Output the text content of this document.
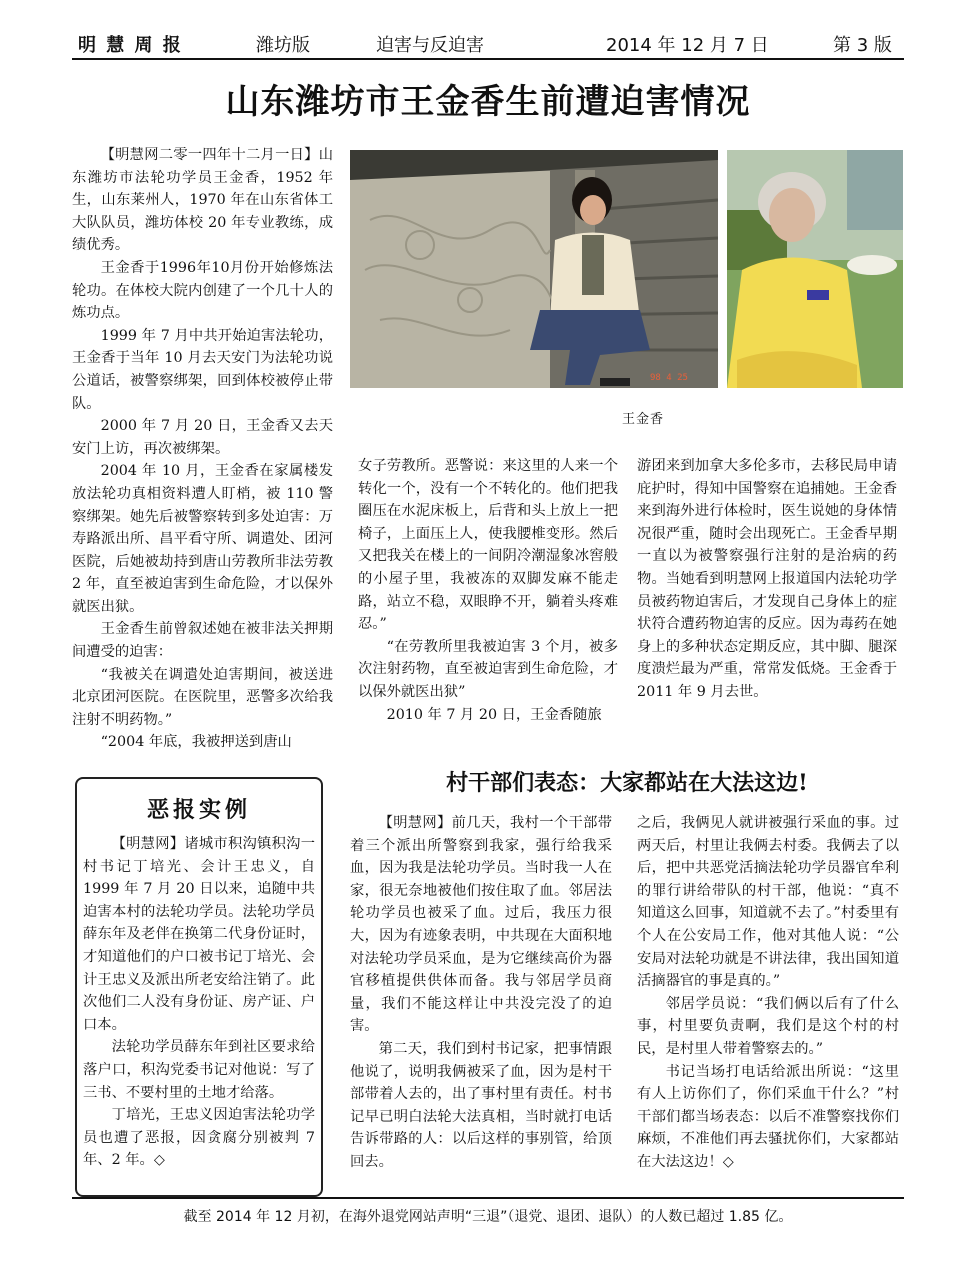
明 慧 周 报	潍坊版	迫害与反迫害	2014 年 12 月 7 日	第 3 版
山东潍坊市王金香生前遭迫害情况

【明慧网二零一四年十二月一日】山东潍坊市法轮功学员王金香，1952 年生，山东莱州人，1970 年在山东省体工大队队员，潍坊体校 20 年专业教练，成绩优秀。

王金香于1996年10月份开始修炼法轮功。在体校大院内创建了一个几十人的炼功点。

1999 年 7 月中共开始迫害法轮功，王金香于当年 10 月去天安门为法轮功说公道话，被警察绑架，回到体校被停止带队。

2000 年 7 月 20 日，王金香又去天安门上访，再次被绑架。

2004 年 10 月，王金香在家属楼发放法轮功真相资料遭人盯梢，被 110 警察绑架。她先后被警察转到多处迫害：万寿路派出所、昌平看守所、调遣处、团河医院，后她被劫持到唐山劳教所非法劳教 2 年，直至被迫害到生命危险，才以保外就医出狱。

王金香生前曾叙述她在被非法关押期间遭受的迫害：

“我被关在调遣处迫害期间，被送进北京团河医院。在医院里，恶警多次给我注射不明药物。”

“2004 年底，我被押送到唐山

98 4 25
王金香

女子劳教所。恶警说：来这里的人来一个转化一个，没有一个不转化的。他们把我圈压在水泥床板上，后背和头上放上一把椅子，上面压上人，使我腰椎变形。然后又把我关在楼上的一间阴冷潮湿象冰窖般的小屋子里，我被冻的双脚发麻不能走路，站立不稳，双眼睁不开，躺着头疼难忍。”

“在劳教所里我被迫害 3 个月，被多次注射药物，直至被迫害到生命危险，才以保外就医出狱”

2010 年 7 月 20 日，王金香随旅

游团来到加拿大多伦多市，去移民局申请庇护时，得知中国警察在追捕她。王金香来到海外进行体检时，医生说她的身体情况很严重，随时会出现死亡。王金香早期一直以为被警察强行注射的是治病的药物。当她看到明慧网上报道国内法轮功学员被药物迫害后，才发现自己身体上的症状符合遭药物迫害的反应。因为毒药在她身上的多种状态定期反应，其中脚、腿深度溃烂最为严重，常常发低烧。王金香于 2011 年 9 月去世。

恶报实例

【明慧网】诸城市积沟镇积沟一村书记丁培光、会计王忠义，自 1999 年 7 月 20 日以来，追随中共迫害本村的法轮功学员。法轮功学员薛东年及老伴在换第二代身份证时，才知道他们的户口被书记丁培光、会计王忠义及派出所老安给注销了。此次他们二人没有身份证、房产证、户口本。

法轮功学员薛东年到社区要求给落户口，积沟党委书记对他说：写了三书、不要村里的土地才给落。

丁培光，王忠义因迫害法轮功学员也遭了恶报，因贪腐分别被判 7 年、2 年。◇

村干部们表态：大家都站在大法这边!

【明慧网】前几天，我村一个干部带着三个派出所警察到我家，强行给我采血，因为我是法轮功学员。当时我一人在家，很无奈地被他们按住取了血。邻居法轮功学员也被采了血。过后，我压力很大，因为有迹象表明，中共现在大面积地对法轮功学员采血，是为它继续高价为器官移植提供供体而备。我与邻居学员商量，我们不能这样让中共没完没了的迫害。

第二天，我们到村书记家，把事情跟他说了，说明我俩被采了血，因为是村干部带着人去的，出了事村里有责任。村书记早已明白法轮大法真相，当时就打电话告诉带路的人：以后这样的事别管，给顶回去。

之后，我俩见人就讲被强行采血的事。过两天后，村里让我俩去村委。我俩去了以后，把中共恶党活摘法轮功学员器官牟利的罪行讲给带队的村干部，他说：“真不知道这么回事，知道就不去了。”村委里有个人在公安局工作，他对其他人说：“公安局对法轮功就是不讲法律，我出国知道活摘器官的事是真的。”

邻居学员说：“我们俩以后有了什么事，村里要负责啊，我们是这个村的村民，是村里人带着警察去的。”

书记当场打电话给派出所说：“这里有人上访你们了，你们采血干什么？”村干部们都当场表态：以后不准警察找你们麻烦，不准他们再去骚扰你们，大家都站在大法这边！◇

截至 2014 年 12 月初，在海外退党网站声明“三退”（退党、退团、退队）的人数已超过 1.85 亿。
